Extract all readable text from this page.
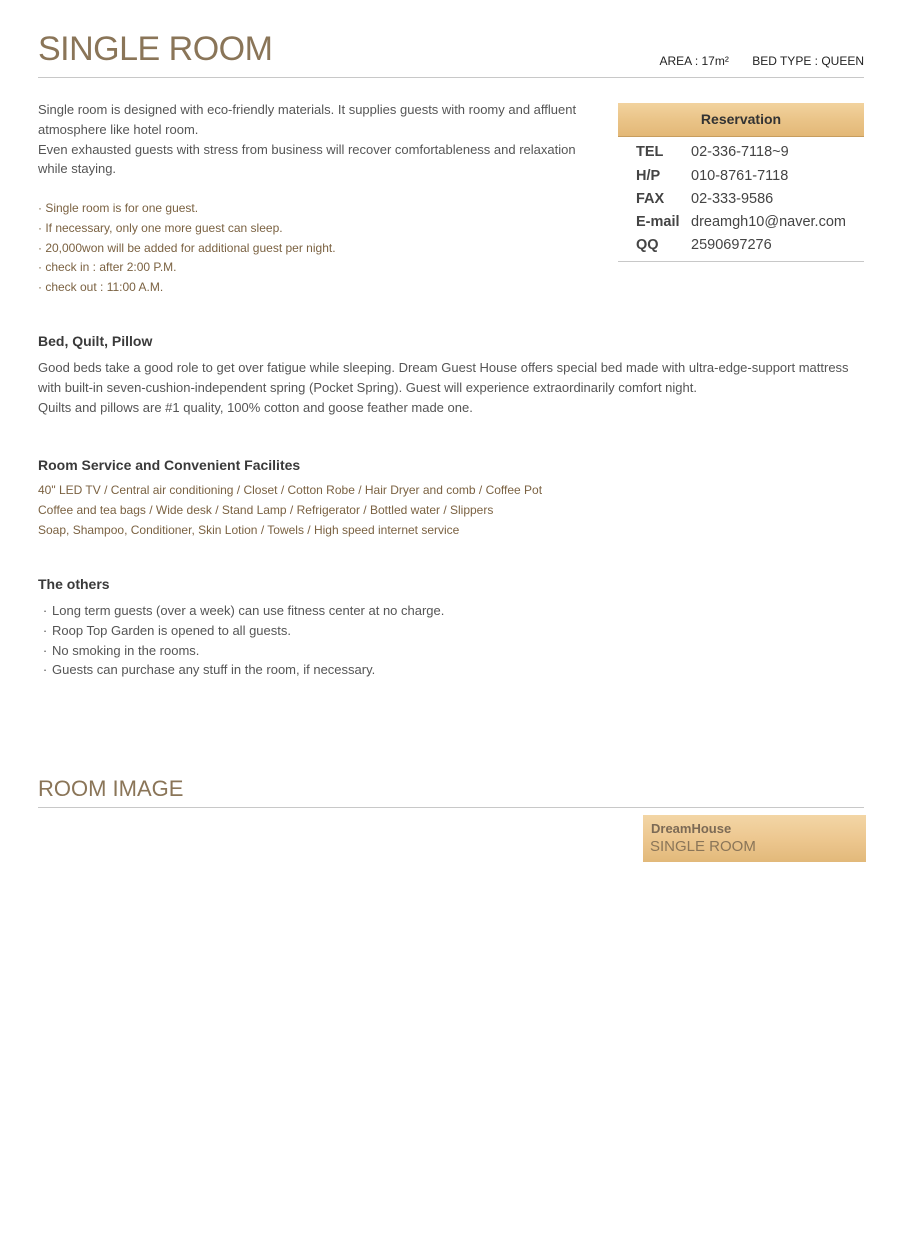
SINGLE ROOM	AREA : 17m² BED TYPE : QUEEN

Single room is designed with eco-friendly materials. It supplies guests with roomy and affluent atmosphere like hotel room.

Even exhausted guests with stress from business will recover comfortableness and relaxation while staying.

· Single room is for one guest.
· If necessary, only one more guest can sleep.
· 20,000won will be added for additional guest per night.
· check in : after 2:00 P.M.
· check out : 11:00 A.M.
Reservation
TEL 02-336-7118~9
H/P 010-8761-7118
FAX 02-333-9586
E-mail dreamgh10@naver.com
QQ 2590697276
Bed, Quilt, Pillow

Good beds take a good role to get over fatigue while sleeping. Dream Guest House offers special bed made with ultra-edge-support mattress with built-in seven-cushion-independent spring (Pocket Spring). Guest will experience extraordinarily comfort night.

Quilts and pillows are #1 quality, 100% cotton and goose feather made one.

Room Service and Convenient Facilites
40" LED TV / Central air conditioning / Closet / Cotton Robe / Hair Dryer and comb / Coffee Pot
Coffee and tea bags / Wide desk / Stand Lamp / Refrigerator / Bottled water / Slippers
Soap, Shampoo, Conditioner, Skin Lotion / Towels / High speed internet service
The others
· Long term guests (over a week) can use fitness center at no charge.
· Roop Top Garden is opened to all guests.
· No smoking in the rooms.
· Guests can purchase any stuff in the room, if necessary.
ROOM IMAGE
DreamHouse
SINGLE ROOM
